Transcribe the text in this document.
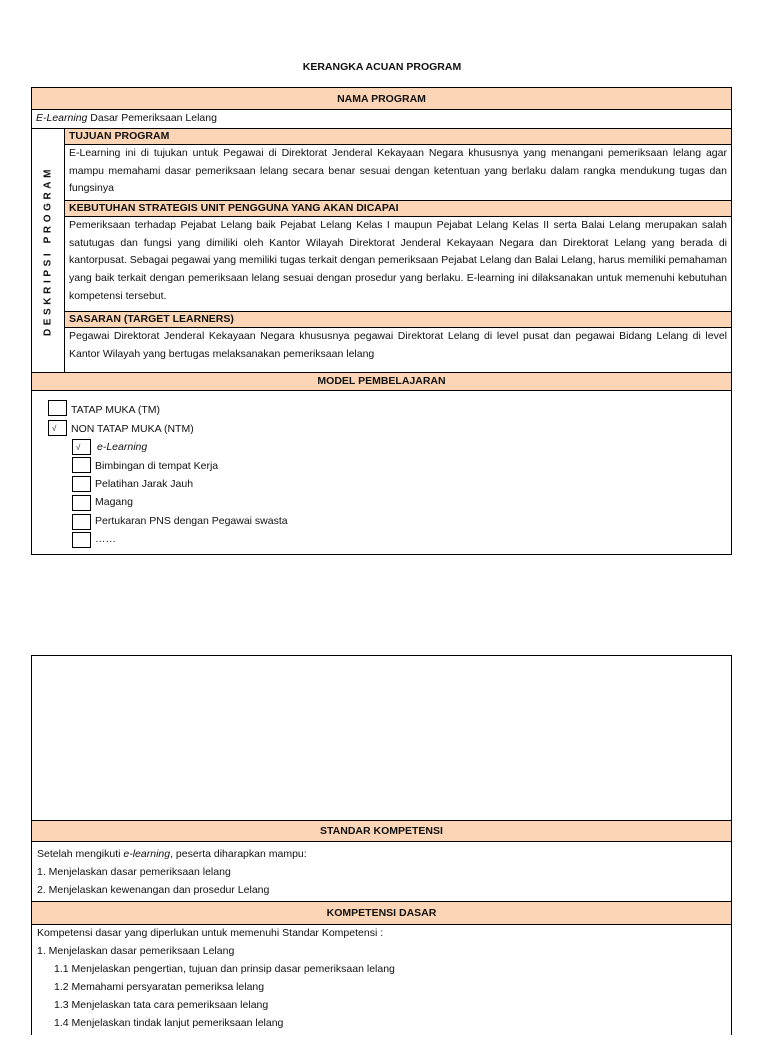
KERANGKA ACUAN PROGRAM
NAMA PROGRAM
E-Learning Dasar Pemeriksaan Lelang
DESKRIPSI PROGRAM
TUJUAN PROGRAM
E-Learning ini di tujukan untuk Pegawai di Direktorat Jenderal Kekayaan Negara khususnya yang menangani pemeriksaan lelang agar mampu memahami dasar pemeriksaan lelang secara benar sesuai dengan ketentuan yang berlaku dalam rangka mendukung tugas dan fungsinya
KEBUTUHAN STRATEGIS UNIT PENGGUNA YANG AKAN DICAPAI
Pemeriksaan terhadap Pejabat Lelang baik Pejabat Lelang Kelas I maupun Pejabat Lelang Kelas II serta Balai Lelang merupakan salah satutugas dan fungsi yang dimiliki oleh Kantor Wilayah Direktorat Jenderal Kekayaan Negara dan Direktorat Lelang yang berada di kantorpusat. Sebagai pegawai yang memiliki tugas terkait dengan pemeriksaan Pejabat Lelang dan Balai Lelang, harus memiliki pemahaman yang baik terkait dengan pemeriksaan lelang sesuai dengan prosedur yang berlaku. E-learning ini dilaksanakan untuk memenuhi kebutuhan kompetensi tersebut.
SASARAN (TARGET LEARNERS)
Pegawai Direktorat Jenderal Kekayaan Negara khususnya pegawai Direktorat Lelang di level pusat dan pegawai Bidang Lelang di level Kantor Wilayah yang bertugas melaksanakan pemeriksaan lelang
MODEL PEMBELAJARAN
TATAP MUKA (TM)
√	NON TATAP MUKA (NTM)
√	e-Learning
Bimbingan di tempat Kerja
Pelatihan Jarak Jauh
Magang
Pertukaran PNS dengan Pegawai swasta
……
STANDAR KOMPETENSI
Setelah mengikuti e-learning, peserta diharapkan mampu:
1. Menjelaskan dasar pemeriksaan lelang
2. Menjelaskan kewenangan dan prosedur Lelang
KOMPETENSI DASAR
Kompetensi dasar yang diperlukan untuk memenuhi Standar Kompetensi :
1. Menjelaskan dasar pemeriksaan Lelang
1.1 Menjelaskan pengertian, tujuan dan prinsip dasar pemeriksaan lelang
1.2 Memahami persyaratan pemeriksa lelang
1.3 Menjelaskan tata cara pemeriksaan lelang
1.4 Menjelaskan tindak lanjut pemeriksaan lelang
